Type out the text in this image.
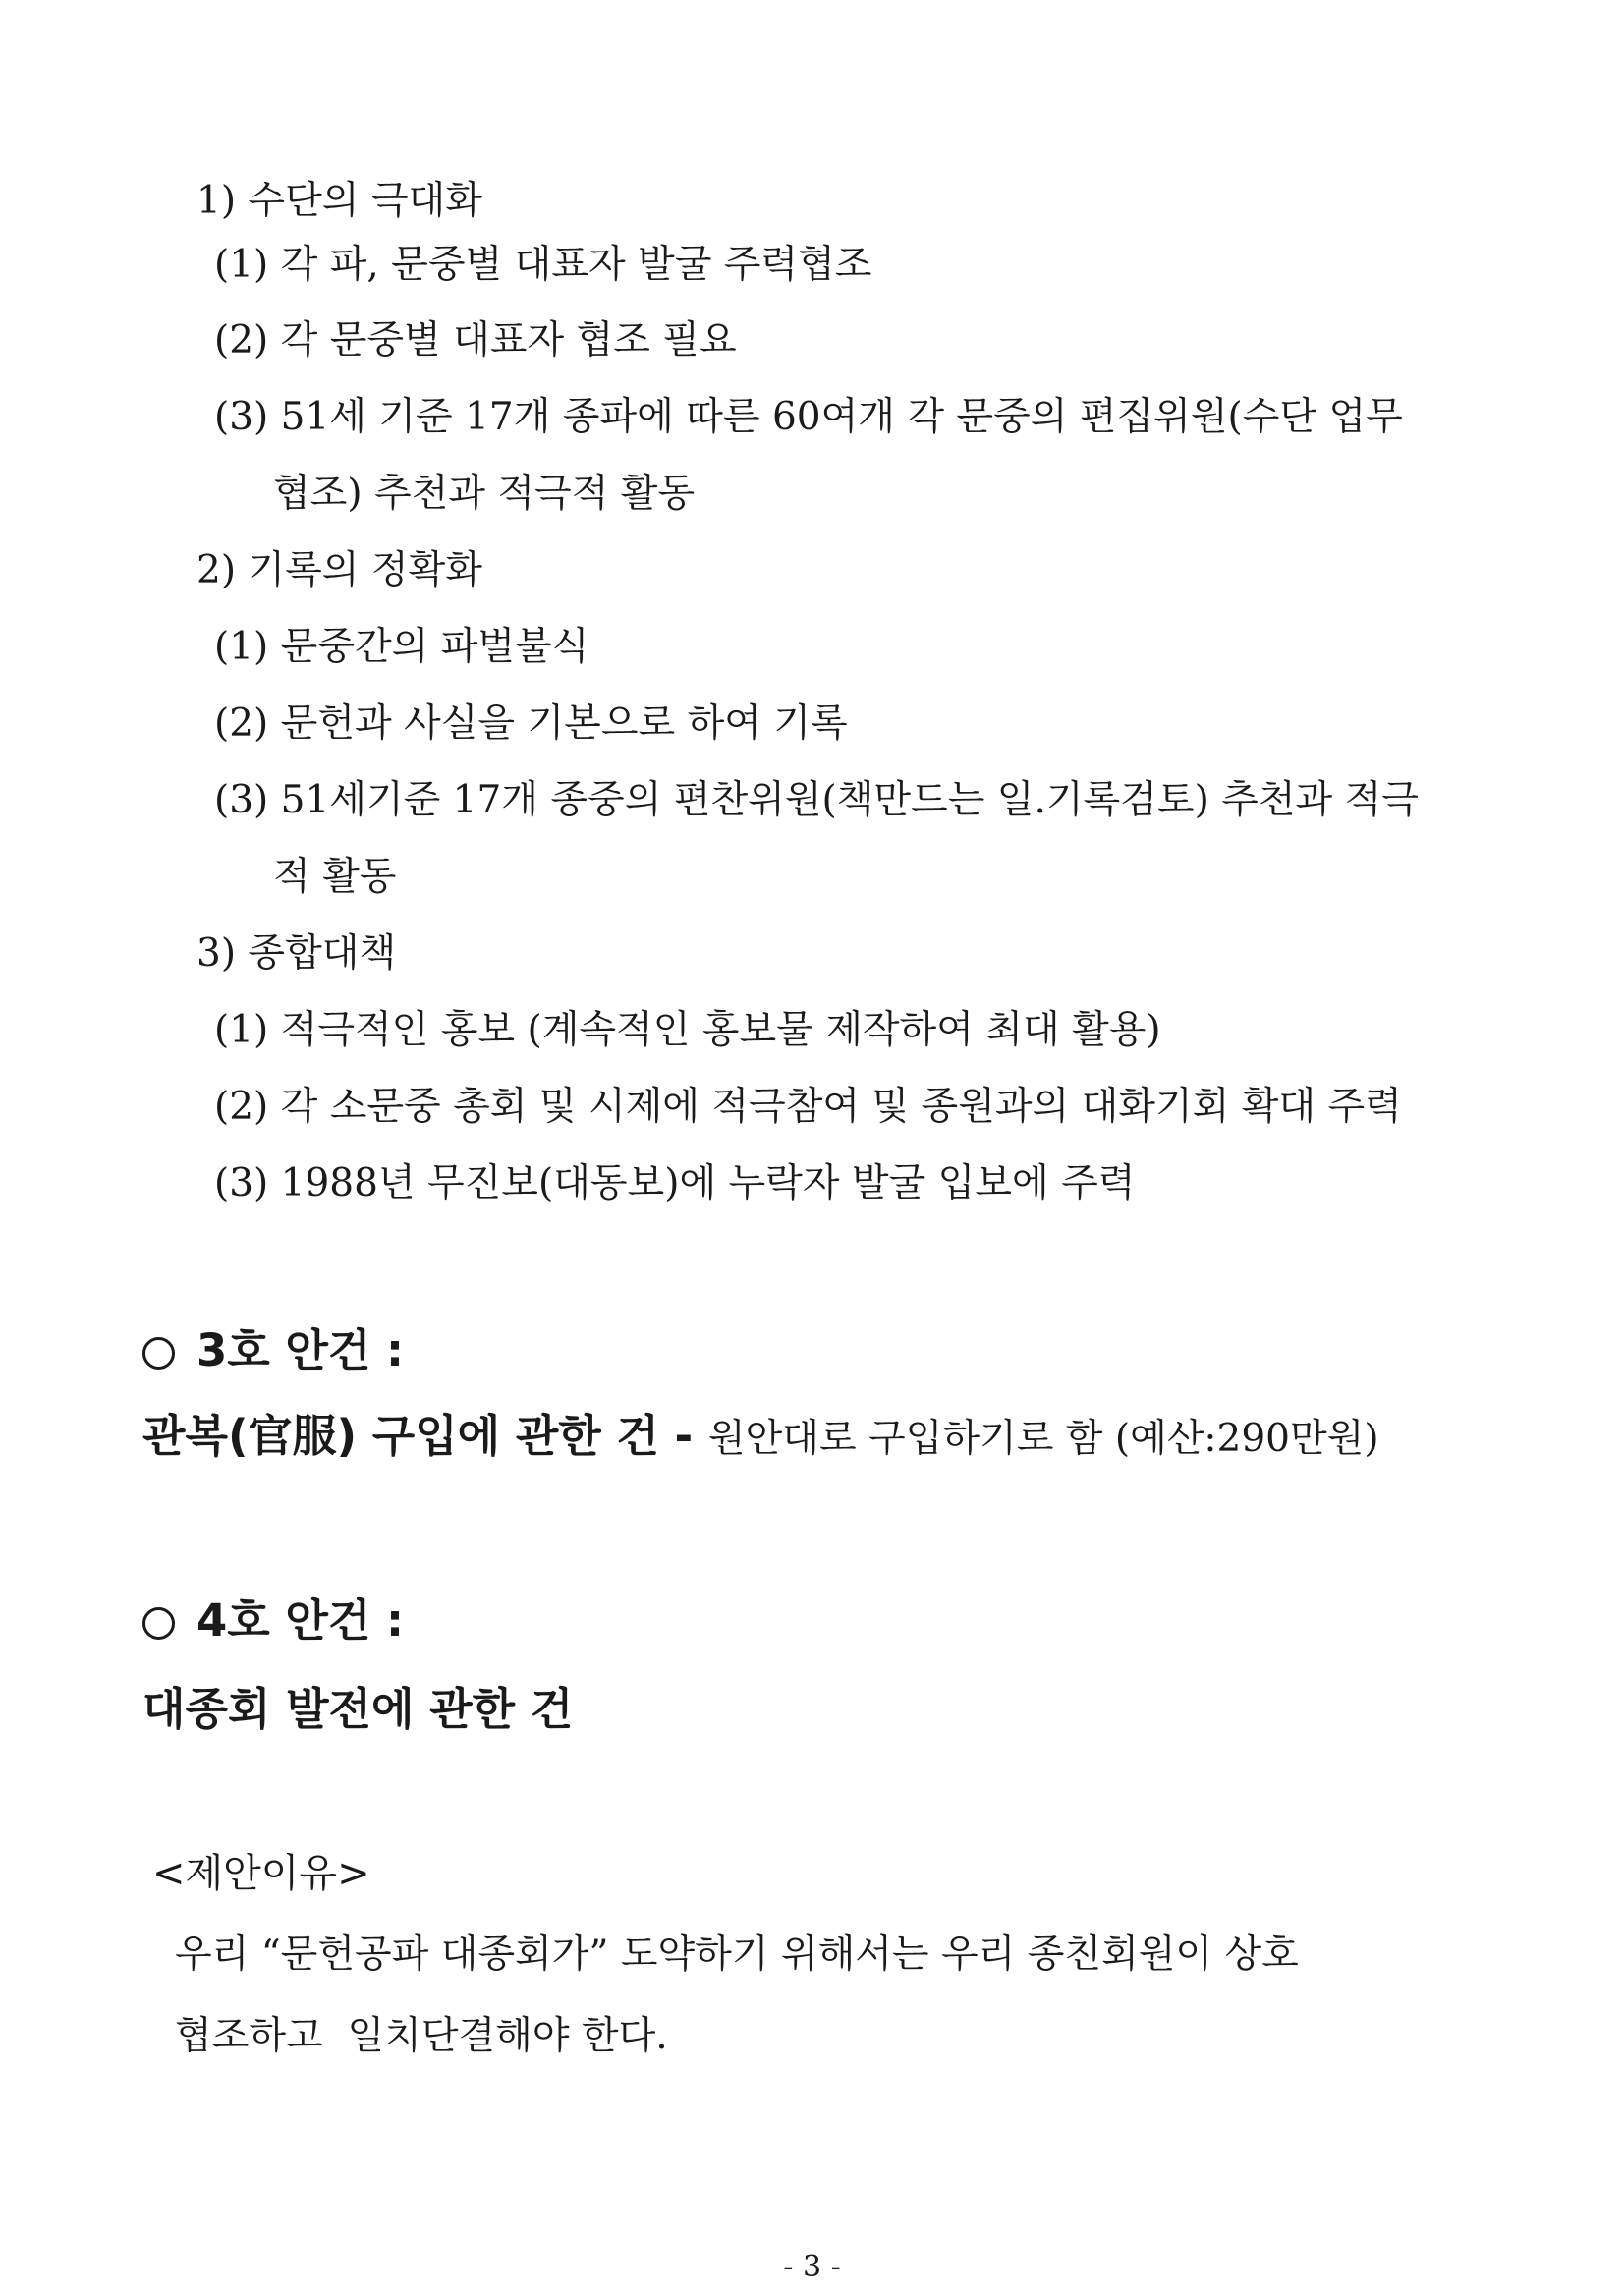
1) 수단의 극대화
(1) 각 파, 문중별 대표자 발굴 주력협조
(2) 각 문중별 대표자 협조 필요
(3) 51세 기준 17개 종파에 따른 60여개 각 문중의 편집위원(수단 업무
협조) 추천과 적극적 활동
2) 기록의 정확화
(1) 문중간의 파벌불식
(2) 문헌과 사실을 기본으로 하여 기록
(3) 51세기준 17개 종중의 편찬위원(책만드는 일.기록검토) 추천과 적극
적 활동
3) 종합대책
(1) 적극적인 홍보 (계속적인 홍보물 제작하여 최대 활용)
(2) 각 소문중 총회 및 시제에 적극참여 및 종원과의 대화기회 확대 주력
(3) 1988년 무진보(대동보)에 누락자 발굴 입보에 주력
3호 안건 :
관복(官服) 구입에 관한 건 - 원안대로 구입하기로 함 (예산:290만원)
4호 안건 :
대종회 발전에 관한 건
<제안이유>
우리 “문헌공파 대종회가” 도약하기 위해서는 우리 종친회원이 상호
협조하고  일치단결해야 한다.
- 3 -
